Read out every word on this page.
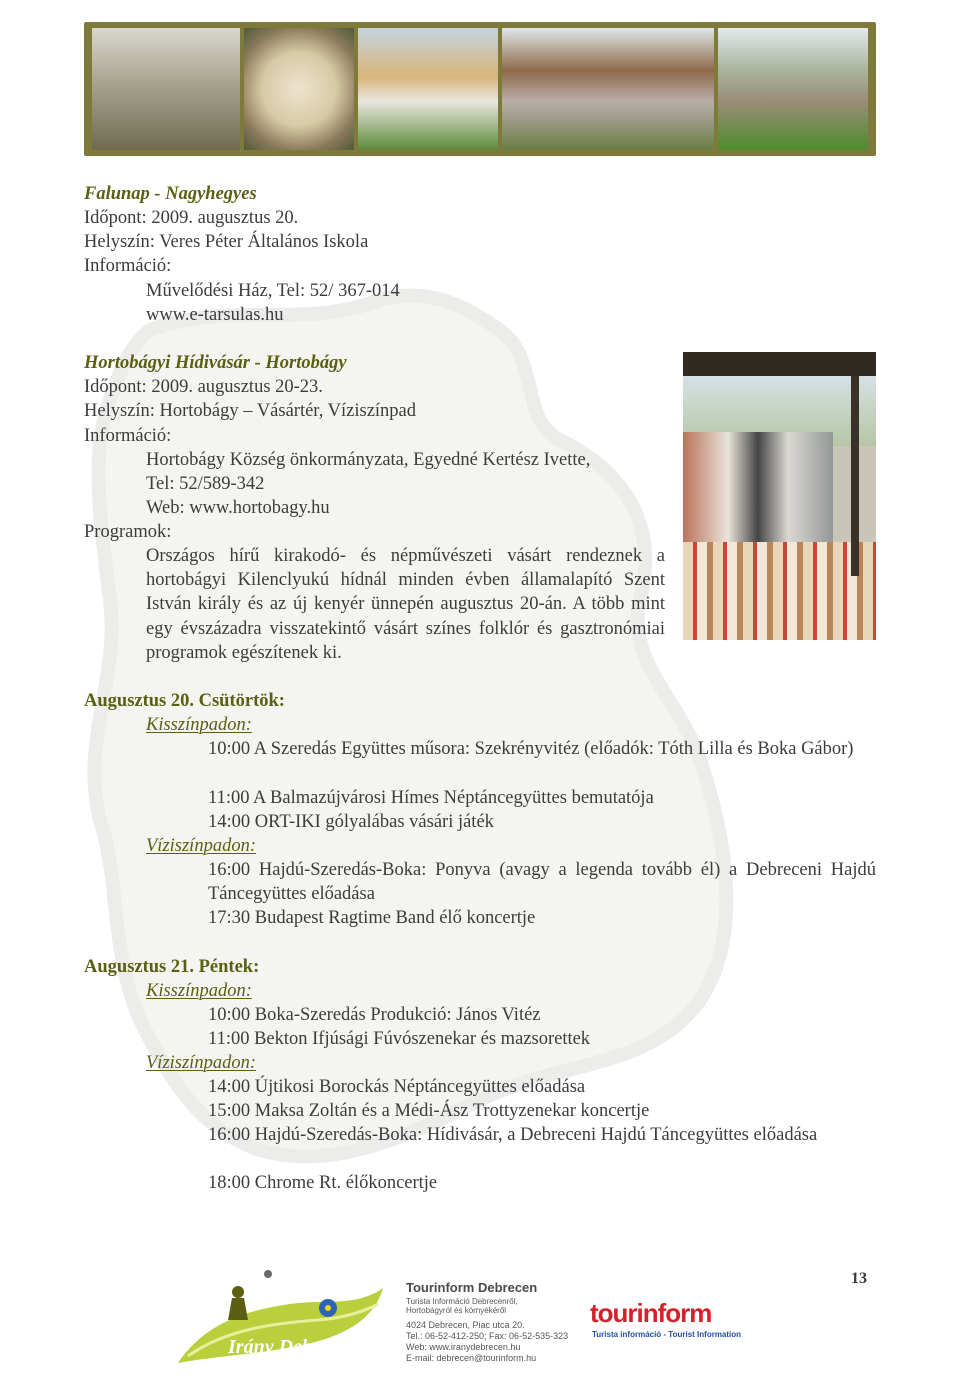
Falunap - Nagyhegyes
Időpont: 2009. augusztus 20.
Helyszín: Veres Péter Általános Iskola
Információ:
Művelődési Ház, Tel: 52/ 367-014
www.e-tarsulas.hu
Hortobágyi Hídivásár - Hortobágy
Időpont: 2009. augusztus 20-23.
Helyszín: Hortobágy – Vásártér, Víziszínpad
Információ:
Hortobágy Község önkormányzata, Egyedné Kertész Ivette,
Tel: 52/589-342
Web: www.hortobagy.hu
Programok:
Országos hírű kirakodó- és népművészeti vásárt rendeznek a hortobágyi Kilenclyukú hídnál minden évben államalapító Szent István király és az új kenyér ünnepén augusztus 20-án. A több mint egy évszázadra visszatekintő vásárt színes folklór és gasztronómiai programok egészítenek ki.
Augusztus 20. Csütörtök:
Kisszínpadon:
10:00 A Szeredás Együttes műsora: Szekrényvitéz (előadók: Tóth Lilla és Boka Gábor)
11:00 A Balmazújvárosi Hímes Néptáncegyüttes bemutatója
14:00 ORT-IKI gólyalábas vásári játék
Víziszínpadon:
16:00 Hajdú-Szeredás-Boka: Ponyva (avagy a legenda tovább él) a Debreceni Hajdú Táncegyüttes előadása
17:30 Budapest Ragtime Band élő koncertje
Augusztus 21. Péntek:
Kisszínpadon:
10:00 Boka-Szeredás Produkció: János Vitéz
11:00 Bekton Ifjúsági Fúvószenekar és mazsorettek
Víziszínpadon:
14:00 Újtikosi Borockás Néptáncegyüttes előadása
15:00 Maksa Zoltán és a Médi-Ász Trottyzenekar koncertje
16:00 Hajdú-Szeredás-Boka: Hídivásár, a Debreceni Hajdú Táncegyüttes előadása
18:00 Chrome Rt. élőkoncertje
13
Irány Debrecen
Tourinform Debrecen
Turista Információ Debrecenről,
Hortobágyról és környékéről
4024 Debrecen, Piac utca 20.
Tel.: 06-52-412-250; Fax: 06-52-535-323
Web: www.iranydebrecen.hu
E-mail: debrecen@tourinform.hu
tourinform
Turista információ - Tourist Information
